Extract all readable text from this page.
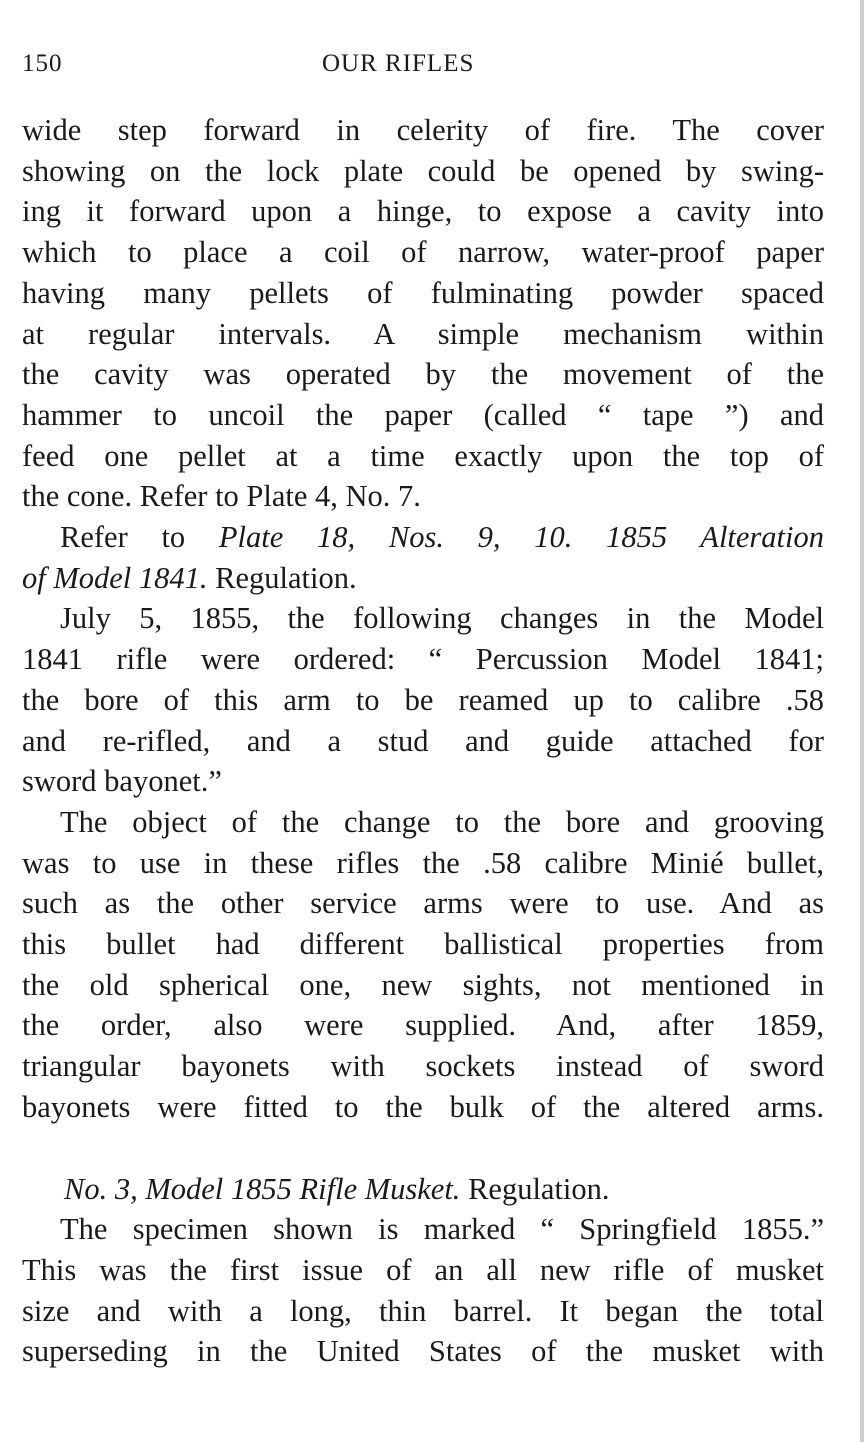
150	OUR RIFLES
wide step forward in celerity of fire. The cover
showing on the lock plate could be opened by swing-
ing it forward upon a hinge, to expose a cavity into
which to place a coil of narrow, water-proof paper
having many pellets of fulminating powder spaced
at regular intervals. A simple mechanism within
the cavity was operated by the movement of the
hammer to uncoil the paper (called “ tape ”) and
feed one pellet at a time exactly upon the top of
the cone. Refer to Plate 4, No. 7.
Refer to Plate 18, Nos. 9, 10. 1855 Alteration
of Model 1841. Regulation.
July 5, 1855, the following changes in the Model
1841 rifle were ordered: “ Percussion Model 1841;
the bore of this arm to be reamed up to calibre .58
and re-rifled, and a stud and guide attached for
sword bayonet.”
The object of the change to the bore and grooving
was to use in these rifles the .58 calibre Minié bullet,
such as the other service arms were to use. And as
this bullet had different ballistical properties from
the old spherical one, new sights, not mentioned in
the order, also were supplied. And, after 1859,
triangular bayonets with sockets instead of sword
bayonets were fitted to the bulk of the altered arms.
No. 3, Model 1855 Rifle Musket. Regulation.
The specimen shown is marked “ Springfield 1855.”
This was the first issue of an all new rifle of musket
size and with a long, thin barrel. It began the total
superseding in the United States of the musket with
